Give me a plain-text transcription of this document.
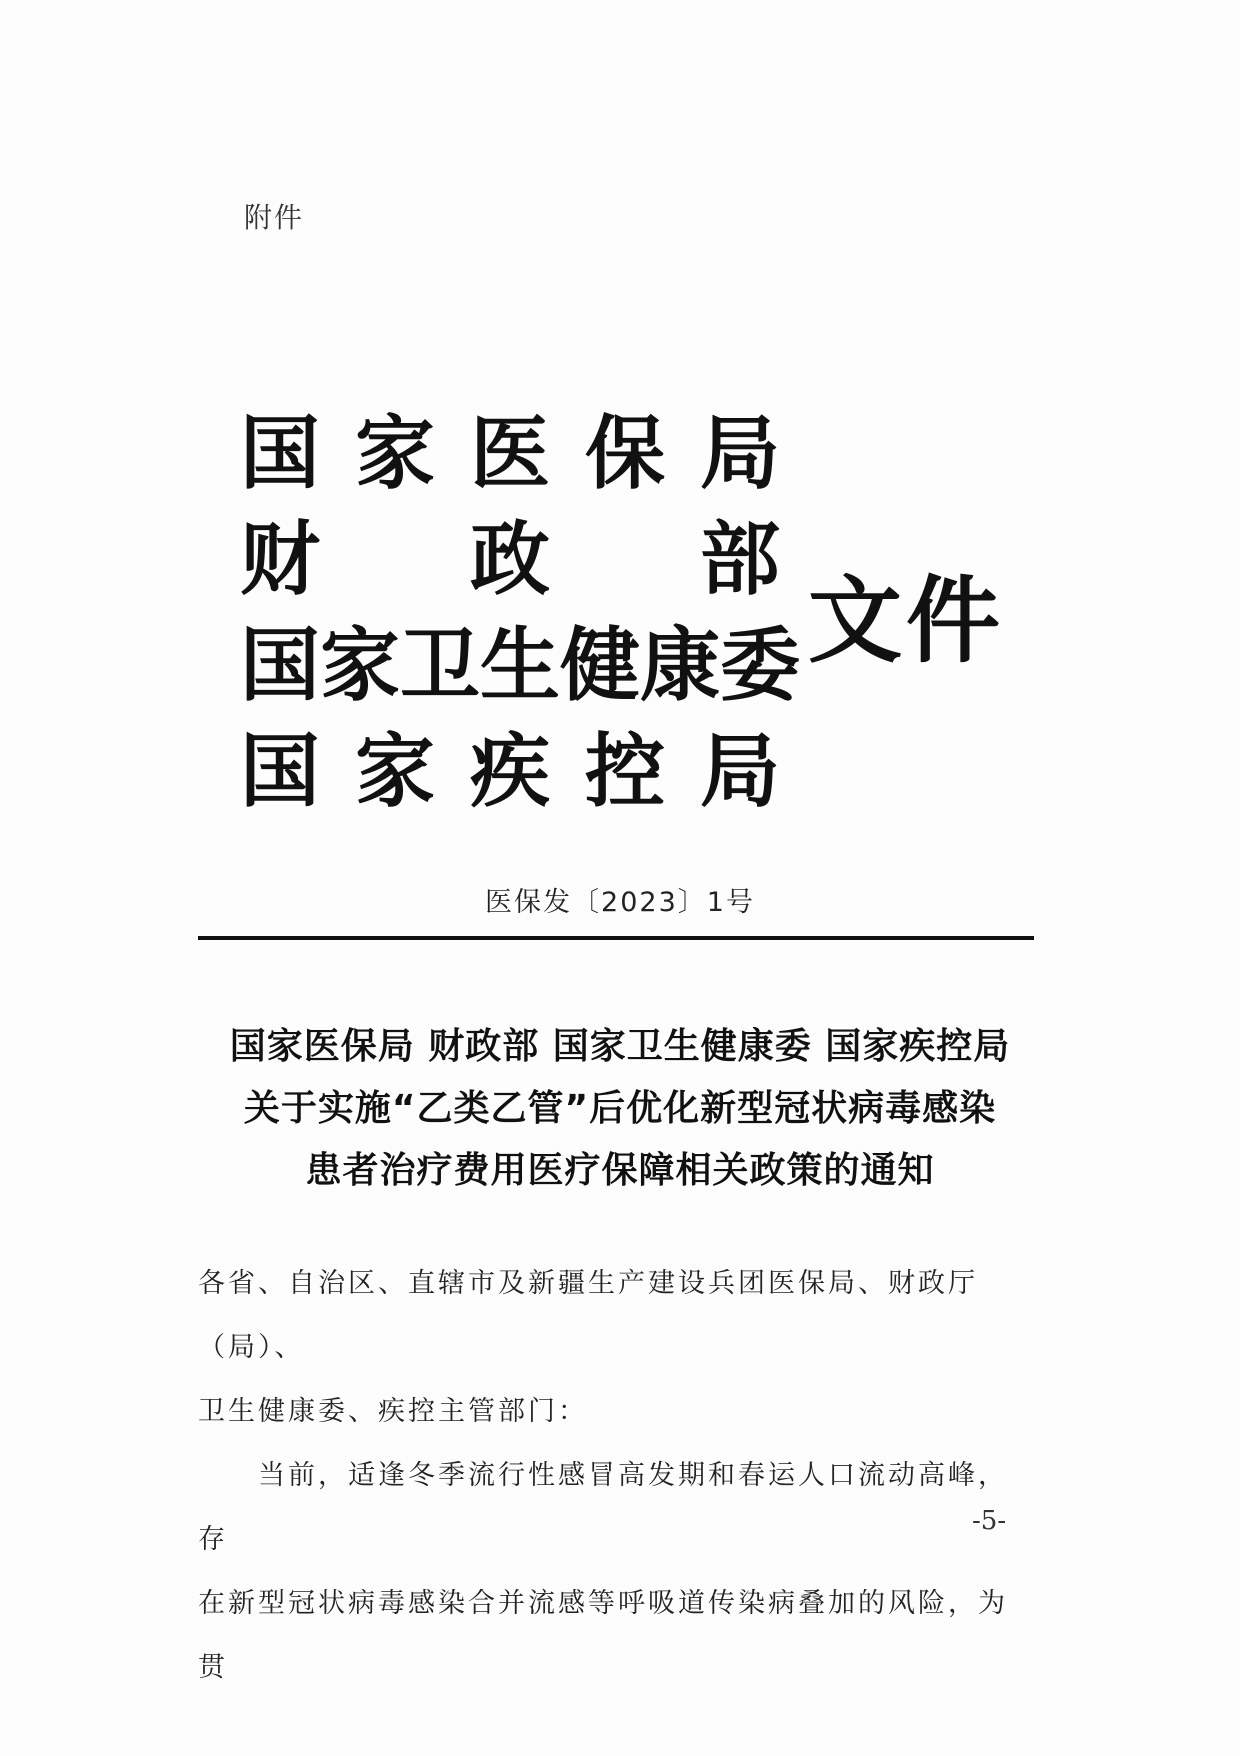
附件
国 家 医 保 局
财 政 部
国 家 卫 生 健 康 委
国 家 疾 控 局
文件
医保发〔2023〕1号
国家医保局 财政部 国家卫生健康委 国家疾控局
关于实施“乙类乙管”后优化新型冠状病毒感染
患者治疗费用医疗保障相关政策的通知

各省、自治区、直辖市及新疆生产建设兵团医保局、财政厅（局）、

卫生健康委、疾控主管部门：

当前，适逢冬季流行性感冒高发期和春运人口流动高峰，存

在新型冠状病毒感染合并流感等呼吸道传染病叠加的风险，为贯

-5-
